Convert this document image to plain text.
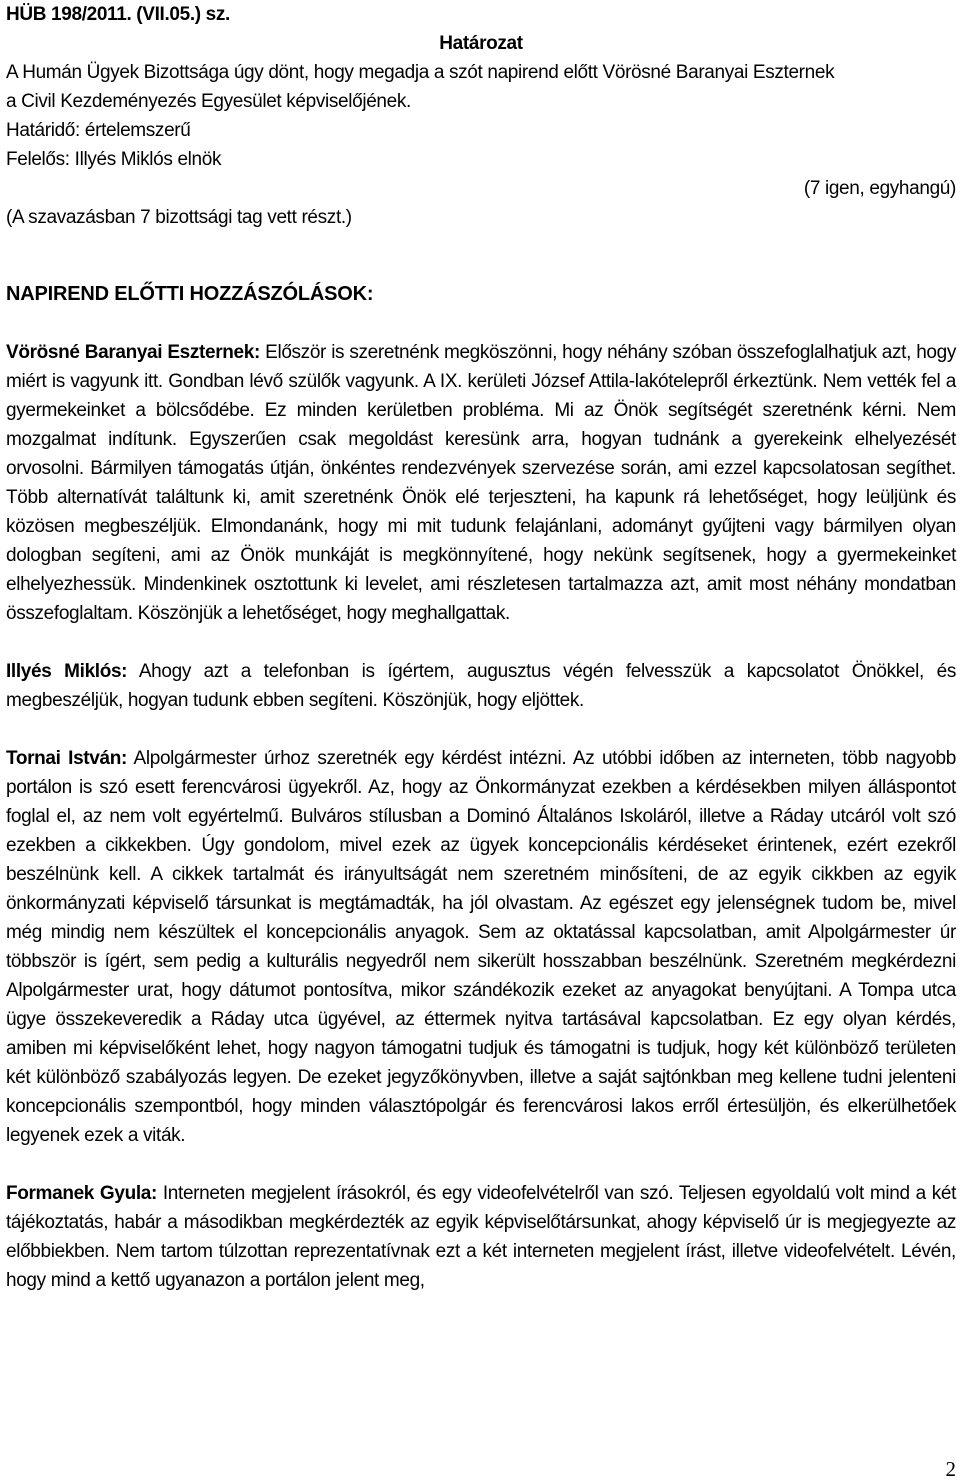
HÜB 198/2011. (VII.05.) sz.

Határozat

A Humán Ügyek Bizottsága úgy dönt, hogy megadja a szót napirend előtt Vörösné Baranyai Eszternek

a Civil Kezdeményezés Egyesület képviselőjének.

Határidő: értelemszerű

Felelős: Illyés Miklós elnök

(7 igen, egyhangú)

(A szavazásban 7 bizottsági tag vett részt.)

NAPIREND ELŐTTI HOZZÁSZÓLÁSOK:

Vörösné Baranyai Eszternek: Először is szeretnénk megköszönni, hogy néhány szóban összefoglalhatjuk azt, hogy miért is vagyunk itt. Gondban lévő szülők vagyunk. A IX. kerületi József Attila-lakótelepről érkeztünk. Nem vették fel a gyermekeinket a bölcsődébe. Ez minden kerületben probléma. Mi az Önök segítségét szeretnénk kérni. Nem mozgalmat indítunk. Egyszerűen csak megoldást keresünk arra, hogyan tudnánk a gyerekeink elhelyezését orvosolni. Bármilyen támogatás útján, önkéntes rendezvények szervezése során, ami ezzel kapcsolatosan segíthet. Több alternatívát találtunk ki, amit szeretnénk Önök elé terjeszteni, ha kapunk rá lehetőséget, hogy leüljünk és közösen megbeszéljük. Elmondanánk, hogy mi mit tudunk felajánlani, adományt gyűjteni vagy bármilyen olyan dologban segíteni, ami az Önök munkáját is megkönnyítené, hogy nekünk segítsenek, hogy a gyermekeinket elhelyezhessük. Mindenkinek osztottunk ki levelet, ami részletesen tartalmazza azt, amit most néhány mondatban összefoglaltam. Köszönjük a lehetőséget, hogy meghallgattak.

Illyés Miklós: Ahogy azt a telefonban is ígértem, augusztus végén felvesszük a kapcsolatot Önökkel, és megbeszéljük, hogyan tudunk ebben segíteni. Köszönjük, hogy eljöttek.

Tornai István: Alpolgármester úrhoz szeretnék egy kérdést intézni. Az utóbbi időben az interneten, több nagyobb portálon is szó esett ferencvárosi ügyekről. Az, hogy az Önkormányzat ezekben a kérdésekben milyen álláspontot foglal el, az nem volt egyértelmű. Bulváros stílusban a Dominó Általános Iskoláról, illetve a Ráday utcáról volt szó ezekben a cikkekben. Úgy gondolom, mivel ezek az ügyek koncepcionális kérdéseket érintenek, ezért ezekről beszélnünk kell. A cikkek tartalmát és irányultságát nem szeretném minősíteni, de az egyik cikkben az egyik önkormányzati képviselő társunkat is megtámadták, ha jól olvastam. Az egészet egy jelenségnek tudom be, mivel még mindig nem készültek el koncepcionális anyagok. Sem az oktatással kapcsolatban, amit Alpolgármester úr többször is ígért, sem pedig a kulturális negyedről nem sikerült hosszabban beszélnünk. Szeretném megkérdezni Alpolgármester urat, hogy dátumot pontosítva, mikor szándékozik ezeket az anyagokat benyújtani. A Tompa utca ügye összekeveredik a Ráday utca ügyével, az éttermek nyitva tartásával kapcsolatban. Ez egy olyan kérdés, amiben mi képviselőként lehet, hogy nagyon támogatni tudjuk és támogatni is tudjuk, hogy két különböző területen két különböző szabályozás legyen. De ezeket jegyzőkönyvben, illetve a saját sajtónkban meg kellene tudni jelenteni koncepcionális szempontból, hogy minden választópolgár és ferencvárosi lakos erről értesüljön, és elkerülhetőek legyenek ezek a viták.

Formanek Gyula: Interneten megjelent írásokról, és egy videofelvételről van szó. Teljesen egyoldalú volt mind a két tájékoztatás, habár a másodikban megkérdezték az egyik képviselőtársunkat, ahogy képviselő úr is megjegyezte az előbbiekben. Nem tartom túlzottan reprezentatívnak ezt a két interneten megjelent írást, illetve videofelvételt. Lévén, hogy mind a kettő ugyanazon a portálon jelent meg,

2
